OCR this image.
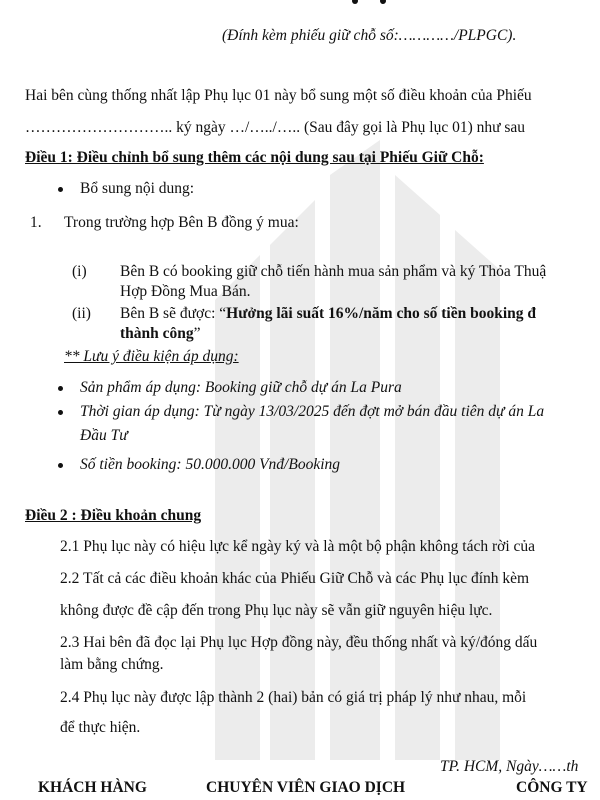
(Đính kèm phiếu giữ chỗ số:…………/PLPGC).
Hai bên cùng thống nhất lập Phụ lục 01 này bổ sung một số điều khoản của Phiếu
……………………….. ký ngày …/…../….. (Sau đây gọi là Phụ lục 01) như sau
Điều 1: Điều chỉnh bổ sung thêm các nội dung sau tại Phiếu Giữ Chỗ:
Bổ sung nội dung:
1. Trong trường hợp Bên B đồng ý mua:
(i) Bên B có booking giữ chỗ tiến hành mua sản phẩm và ký Thỏa Thuậ
Hợp Đồng Mua Bán.
(ii) Bên B sẽ được: “Hưởng lãi suất 16%/năm cho số tiền booking đ
thành công”
** Lưu ý điều kiện áp dụng:
Sản phẩm áp dụng: Booking giữ chỗ dự án La Pura
Thời gian áp dụng: Từ ngày 13/03/2025 đến đợt mở bán đầu tiên dự án La
Đầu Tư
Số tiền booking: 50.000.000 Vnđ/Booking
Điều 2 : Điều khoản chung
2.1 Phụ lục này có hiệu lực kể ngày ký và là một bộ phận không tách rời của
2.2 Tất cả các điều khoản khác của Phiếu Giữ Chỗ và các Phụ lục đính kèm
không được đề cập đến trong Phụ lục này sẽ vẫn giữ nguyên hiệu lực.
2.3 Hai bên đã đọc lại Phụ lục Hợp đồng này, đều thống nhất và ký/đóng dấu
làm bằng chứng.
2.4 Phụ lục này được lập thành 2 (hai) bản có giá trị pháp lý như nhau, mỗi
để thực hiện.
TP. HCM, Ngày……th
KHÁCH HÀNG	CHUYÊN VIÊN GIAO DỊCH	CÔNG TY
